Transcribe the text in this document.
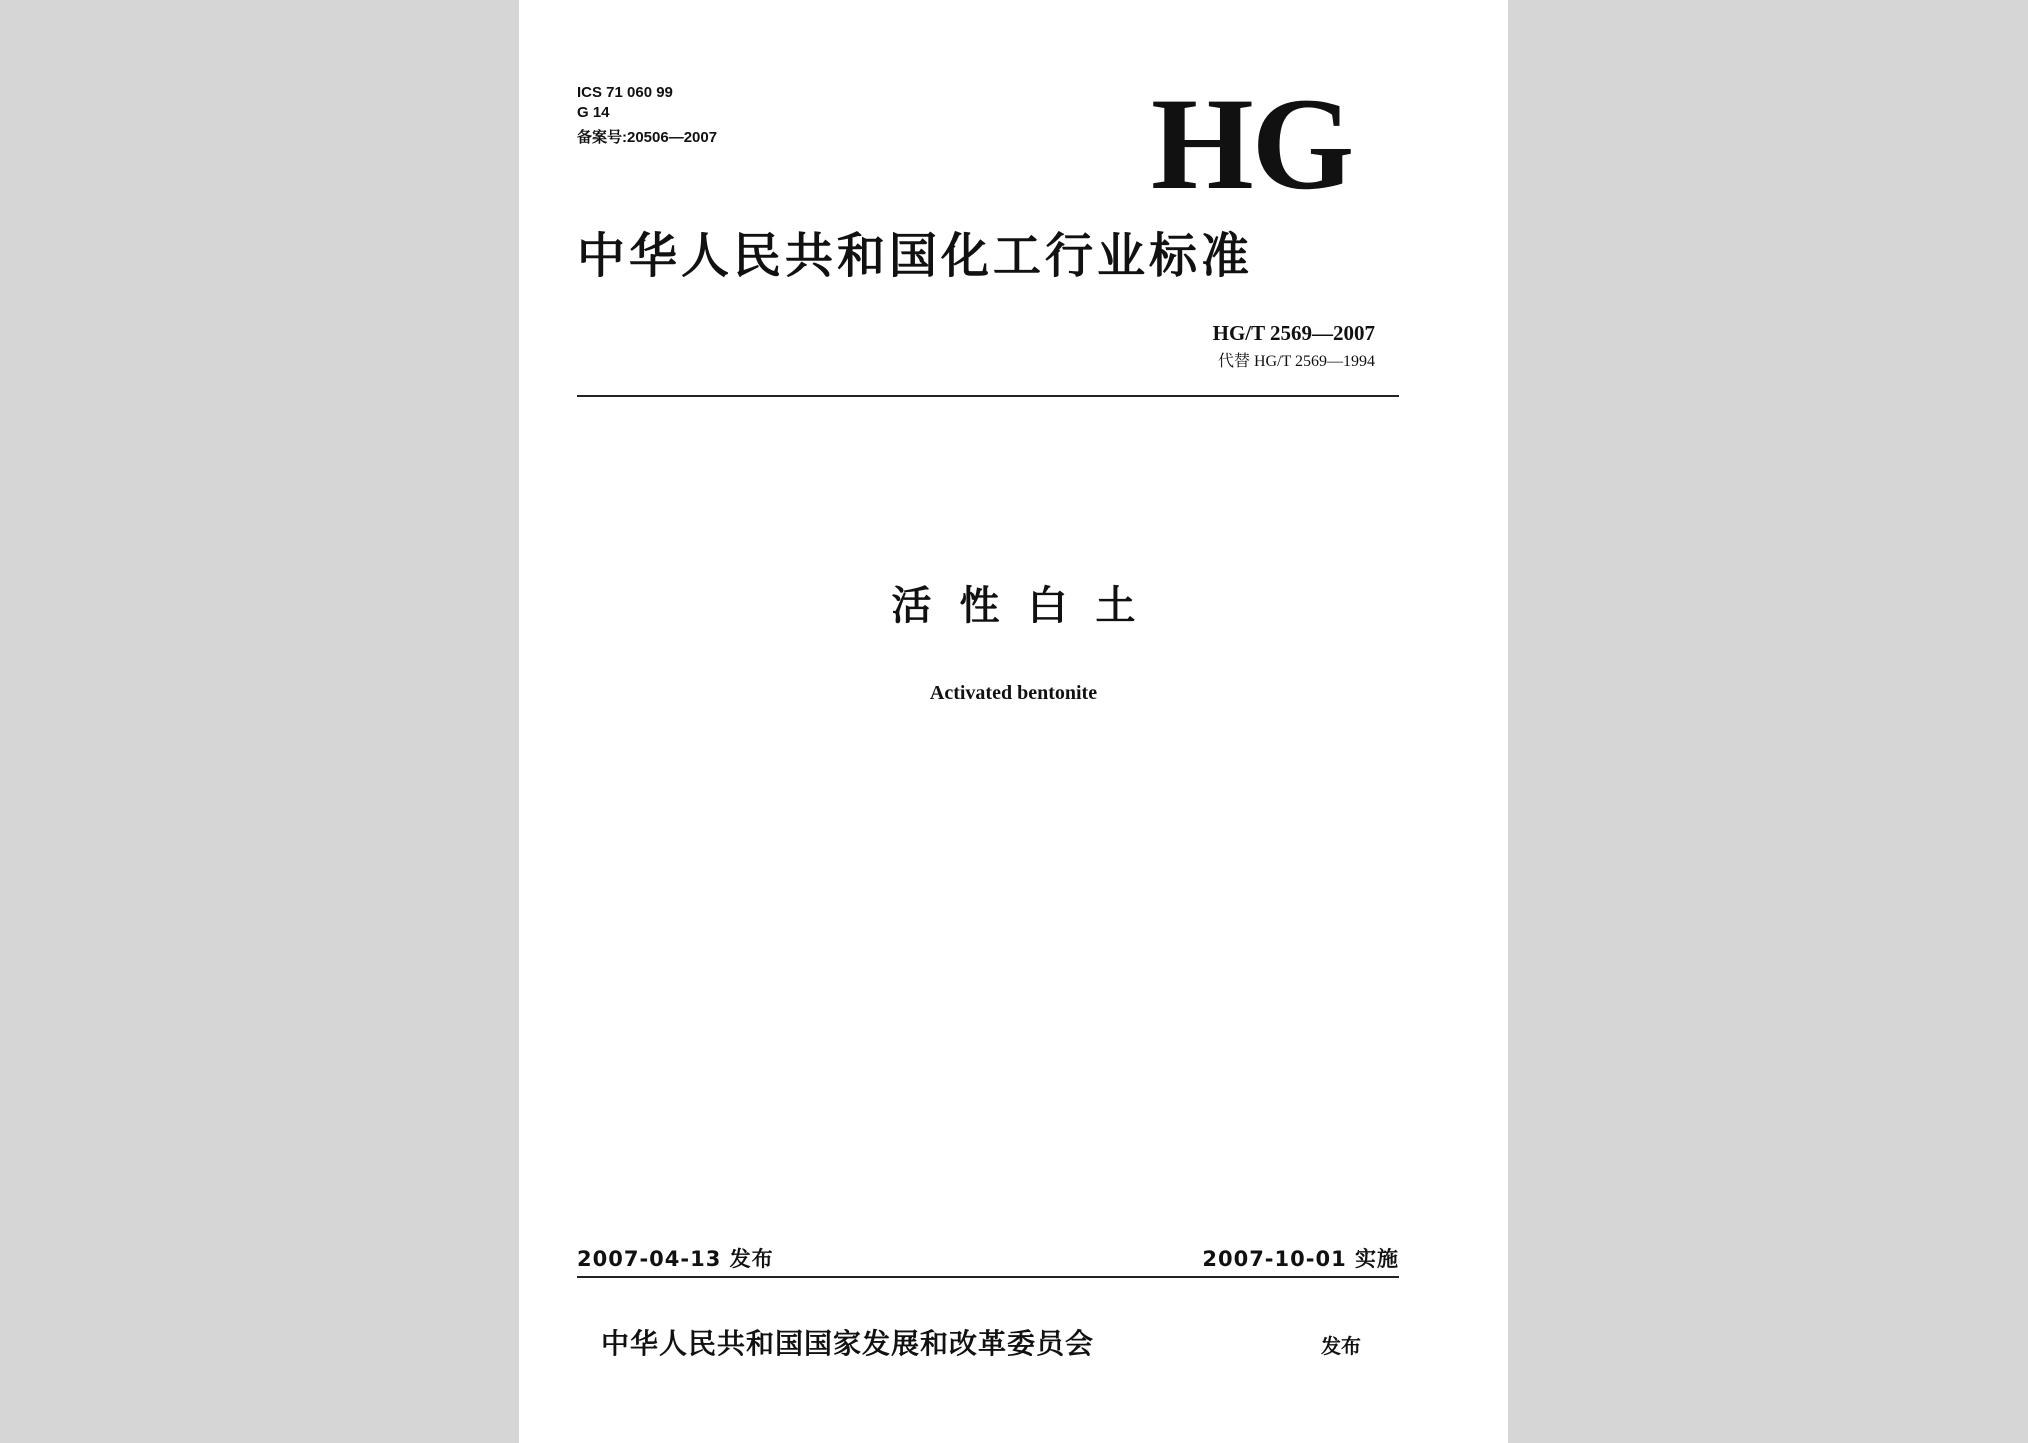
ICS 71 060 99
G 14
备案号:20506—2007	HG
中华人民共和国化工行业标准
HG/T 2569—2007
代替 HG/T 2569—1994
活性白土
Activated bentonite
2007-04-13 发布	2007-10-01 实施
中华人民共和国国家发展和改革委员会	发布
